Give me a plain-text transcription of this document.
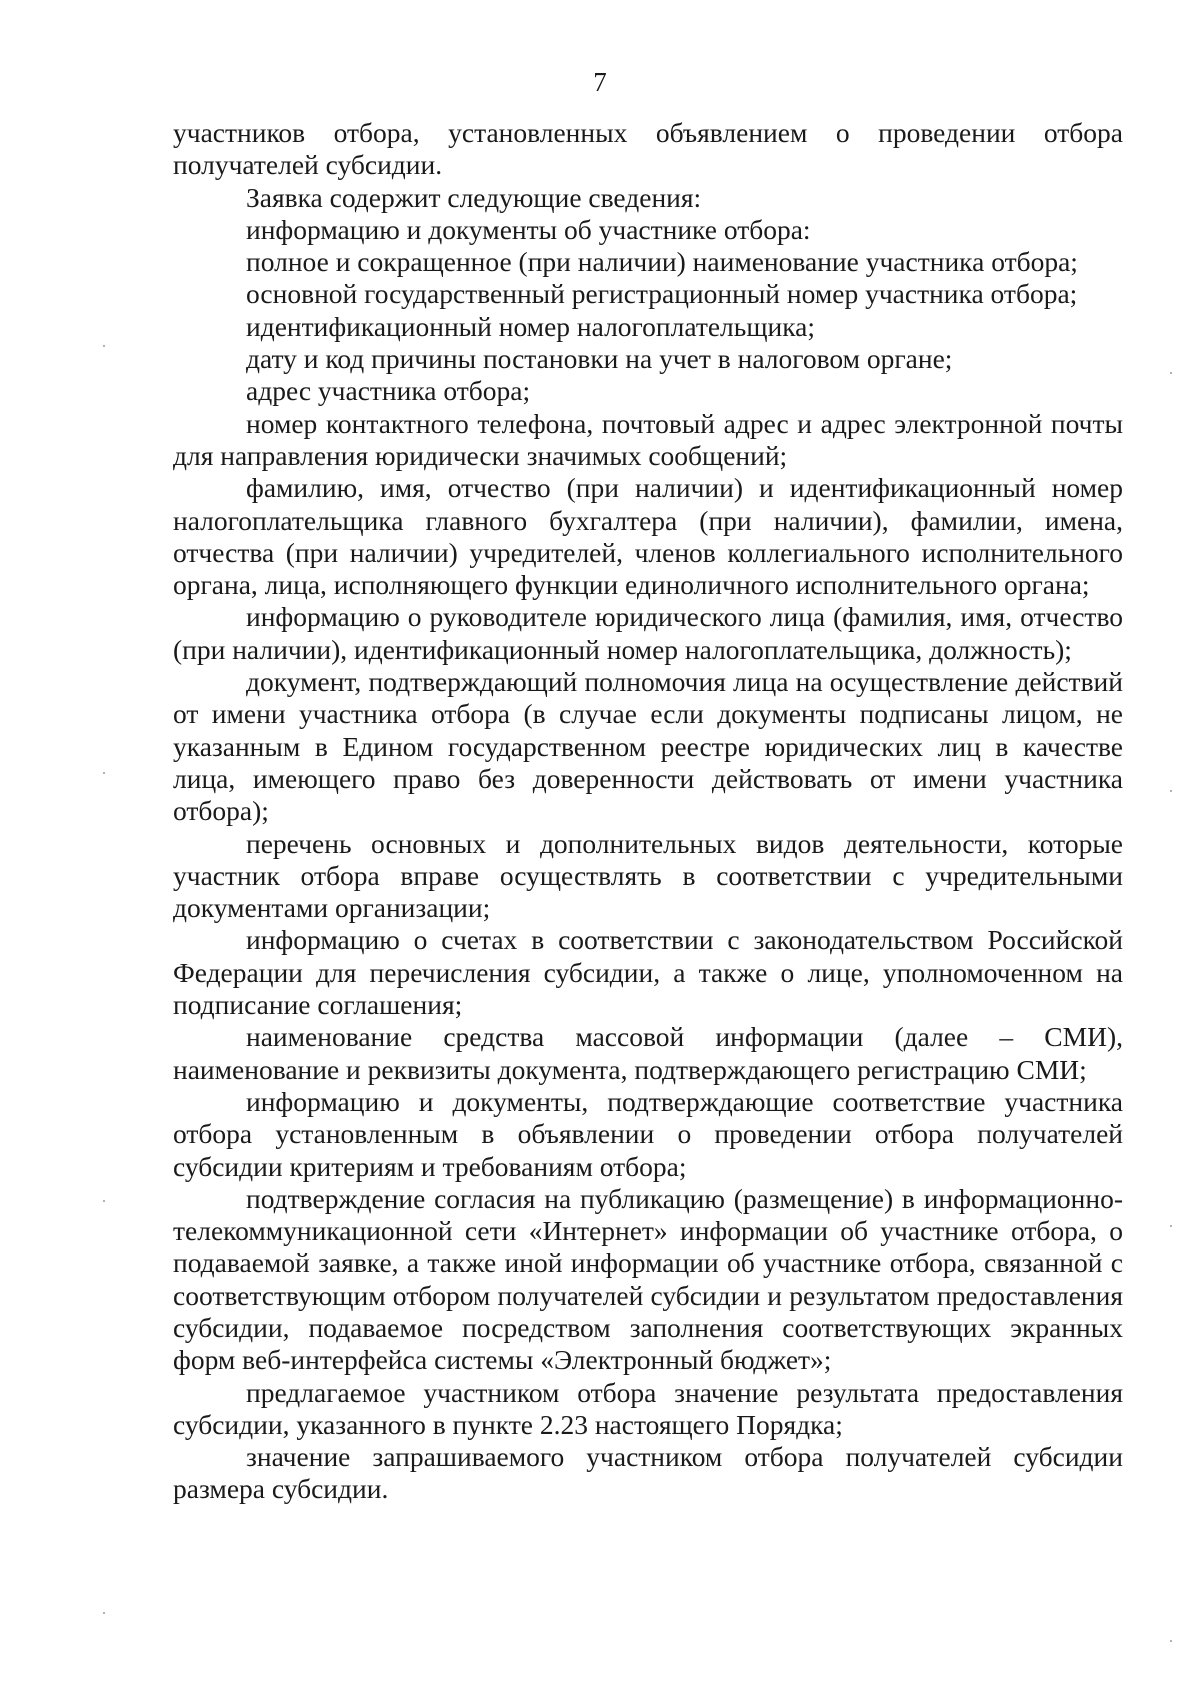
7

участников отбора, установленных объявлением о проведении отбора получателей субсидии.

Заявка содержит следующие сведения:

информацию и документы об участнике отбора:

полное и сокращенное (при наличии) наименование участника отбора;

основной государственный регистрационный номер участника отбора;

идентификационный номер налогоплательщика;

дату и код причины постановки на учет в налоговом органе;

адрес участника отбора;

номер контактного телефона, почтовый адрес и адрес электронной почты для направления юридически значимых сообщений;

фамилию, имя, отчество (при наличии) и идентификационный номер налогоплательщика главного бухгалтера (при наличии), фамилии, имена, отчества (при наличии) учредителей, членов коллегиального исполнительного органа, лица, исполняющего функции единоличного исполнительного органа;

информацию о руководителе юридического лица (фамилия, имя, отчество (при наличии), идентификационный номер налогоплательщика, должность);

документ, подтверждающий полномочия лица на осуществление действий от имени участника отбора (в случае если документы подписаны лицом, не указанным в Едином государственном реестре юридических лиц в качестве лица, имеющего право без доверенности действовать от имени участника отбора);

перечень основных и дополнительных видов деятельности, которые участник отбора вправе осуществлять в соответствии с учредительными документами организации;

информацию о счетах в соответствии с законодательством Российской Федерации для перечисления субсидии, а также о лице, уполномоченном на подписание соглашения;

наименование средства массовой информации (далее – СМИ), наименование и реквизиты документа, подтверждающего регистрацию СМИ;

информацию и документы, подтверждающие соответствие участника отбора установленным в объявлении о проведении отбора получателей субсидии критериям и требованиям отбора;

подтверждение согласия на публикацию (размещение) в информационно-телекоммуникационной сети «Интернет» информации об участнике отбора, о подаваемой заявке, а также иной информации об участнике отбора, связанной с соответствующим отбором получателей субсидии и результатом предоставления субсидии, подаваемое посредством заполнения соответствующих экранных форм веб-интерфейса системы «Электронный бюджет»;

предлагаемое участником отбора значение результата предоставления субсидии, указанного в пункте 2.23 настоящего Порядка;

значение запрашиваемого участником отбора получателей субсидии размера субсидии.
